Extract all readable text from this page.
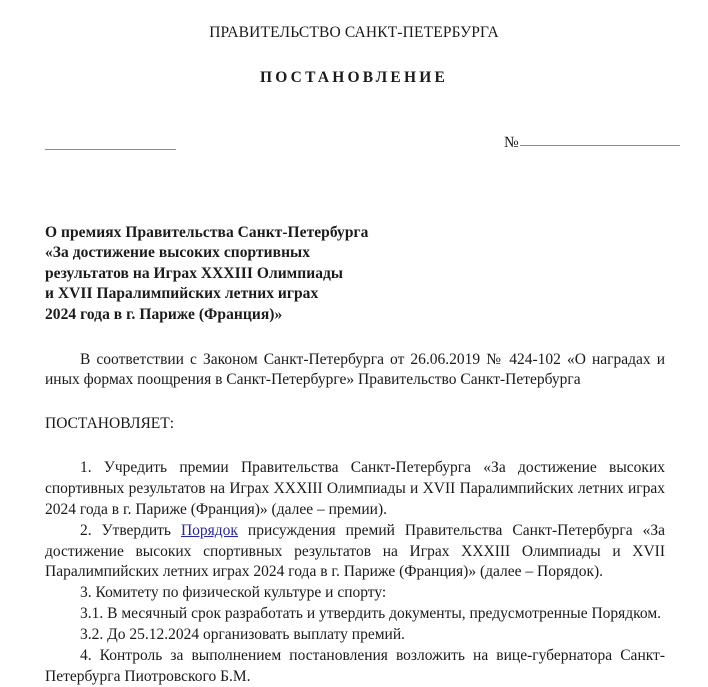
ПРАВИТЕЛЬСТВО САНКТ-ПЕТЕРБУРГА
ПОСТАНОВЛЕНИЕ
№
О премиях Правительства Санкт-Петербурга
«За достижение высоких спортивных
результатов на Играх XXXIII Олимпиады
и XVII Паралимпийских летних играх
2024 года в г. Париже (Франция)»

В соответствии с Законом Санкт-Петербурга от 26.06.2019 № 424-102 «О наградах и иных формах поощрения в Санкт-Петербурге» Правительство Санкт-Петербурга

ПОСТАНОВЛЯЕТ:

1. Учредить премии Правительства Санкт-Петербурга «За достижение высоких спортивных результатов на Играх XXXIII Олимпиады и XVII Паралимпийских летних играх 2024 года в г. Париже (Франция)» (далее – премии).

2. Утвердить Порядок присуждения премий Правительства Санкт-Петербурга «За достижение высоких спортивных результатов на Играх XXXIII Олимпиады и XVII Паралимпийских летних играх 2024 года в г. Париже (Франция)» (далее – Порядок).

3. Комитету по физической культуре и спорту:

3.1. В месячный срок разработать и утвердить документы, предусмотренные Порядком.

3.2. До 25.12.2024 организовать выплату премий.

4. Контроль за выполнением постановления возложить на вице-губернатора Санкт-Петербурга Пиотровского Б.М.
